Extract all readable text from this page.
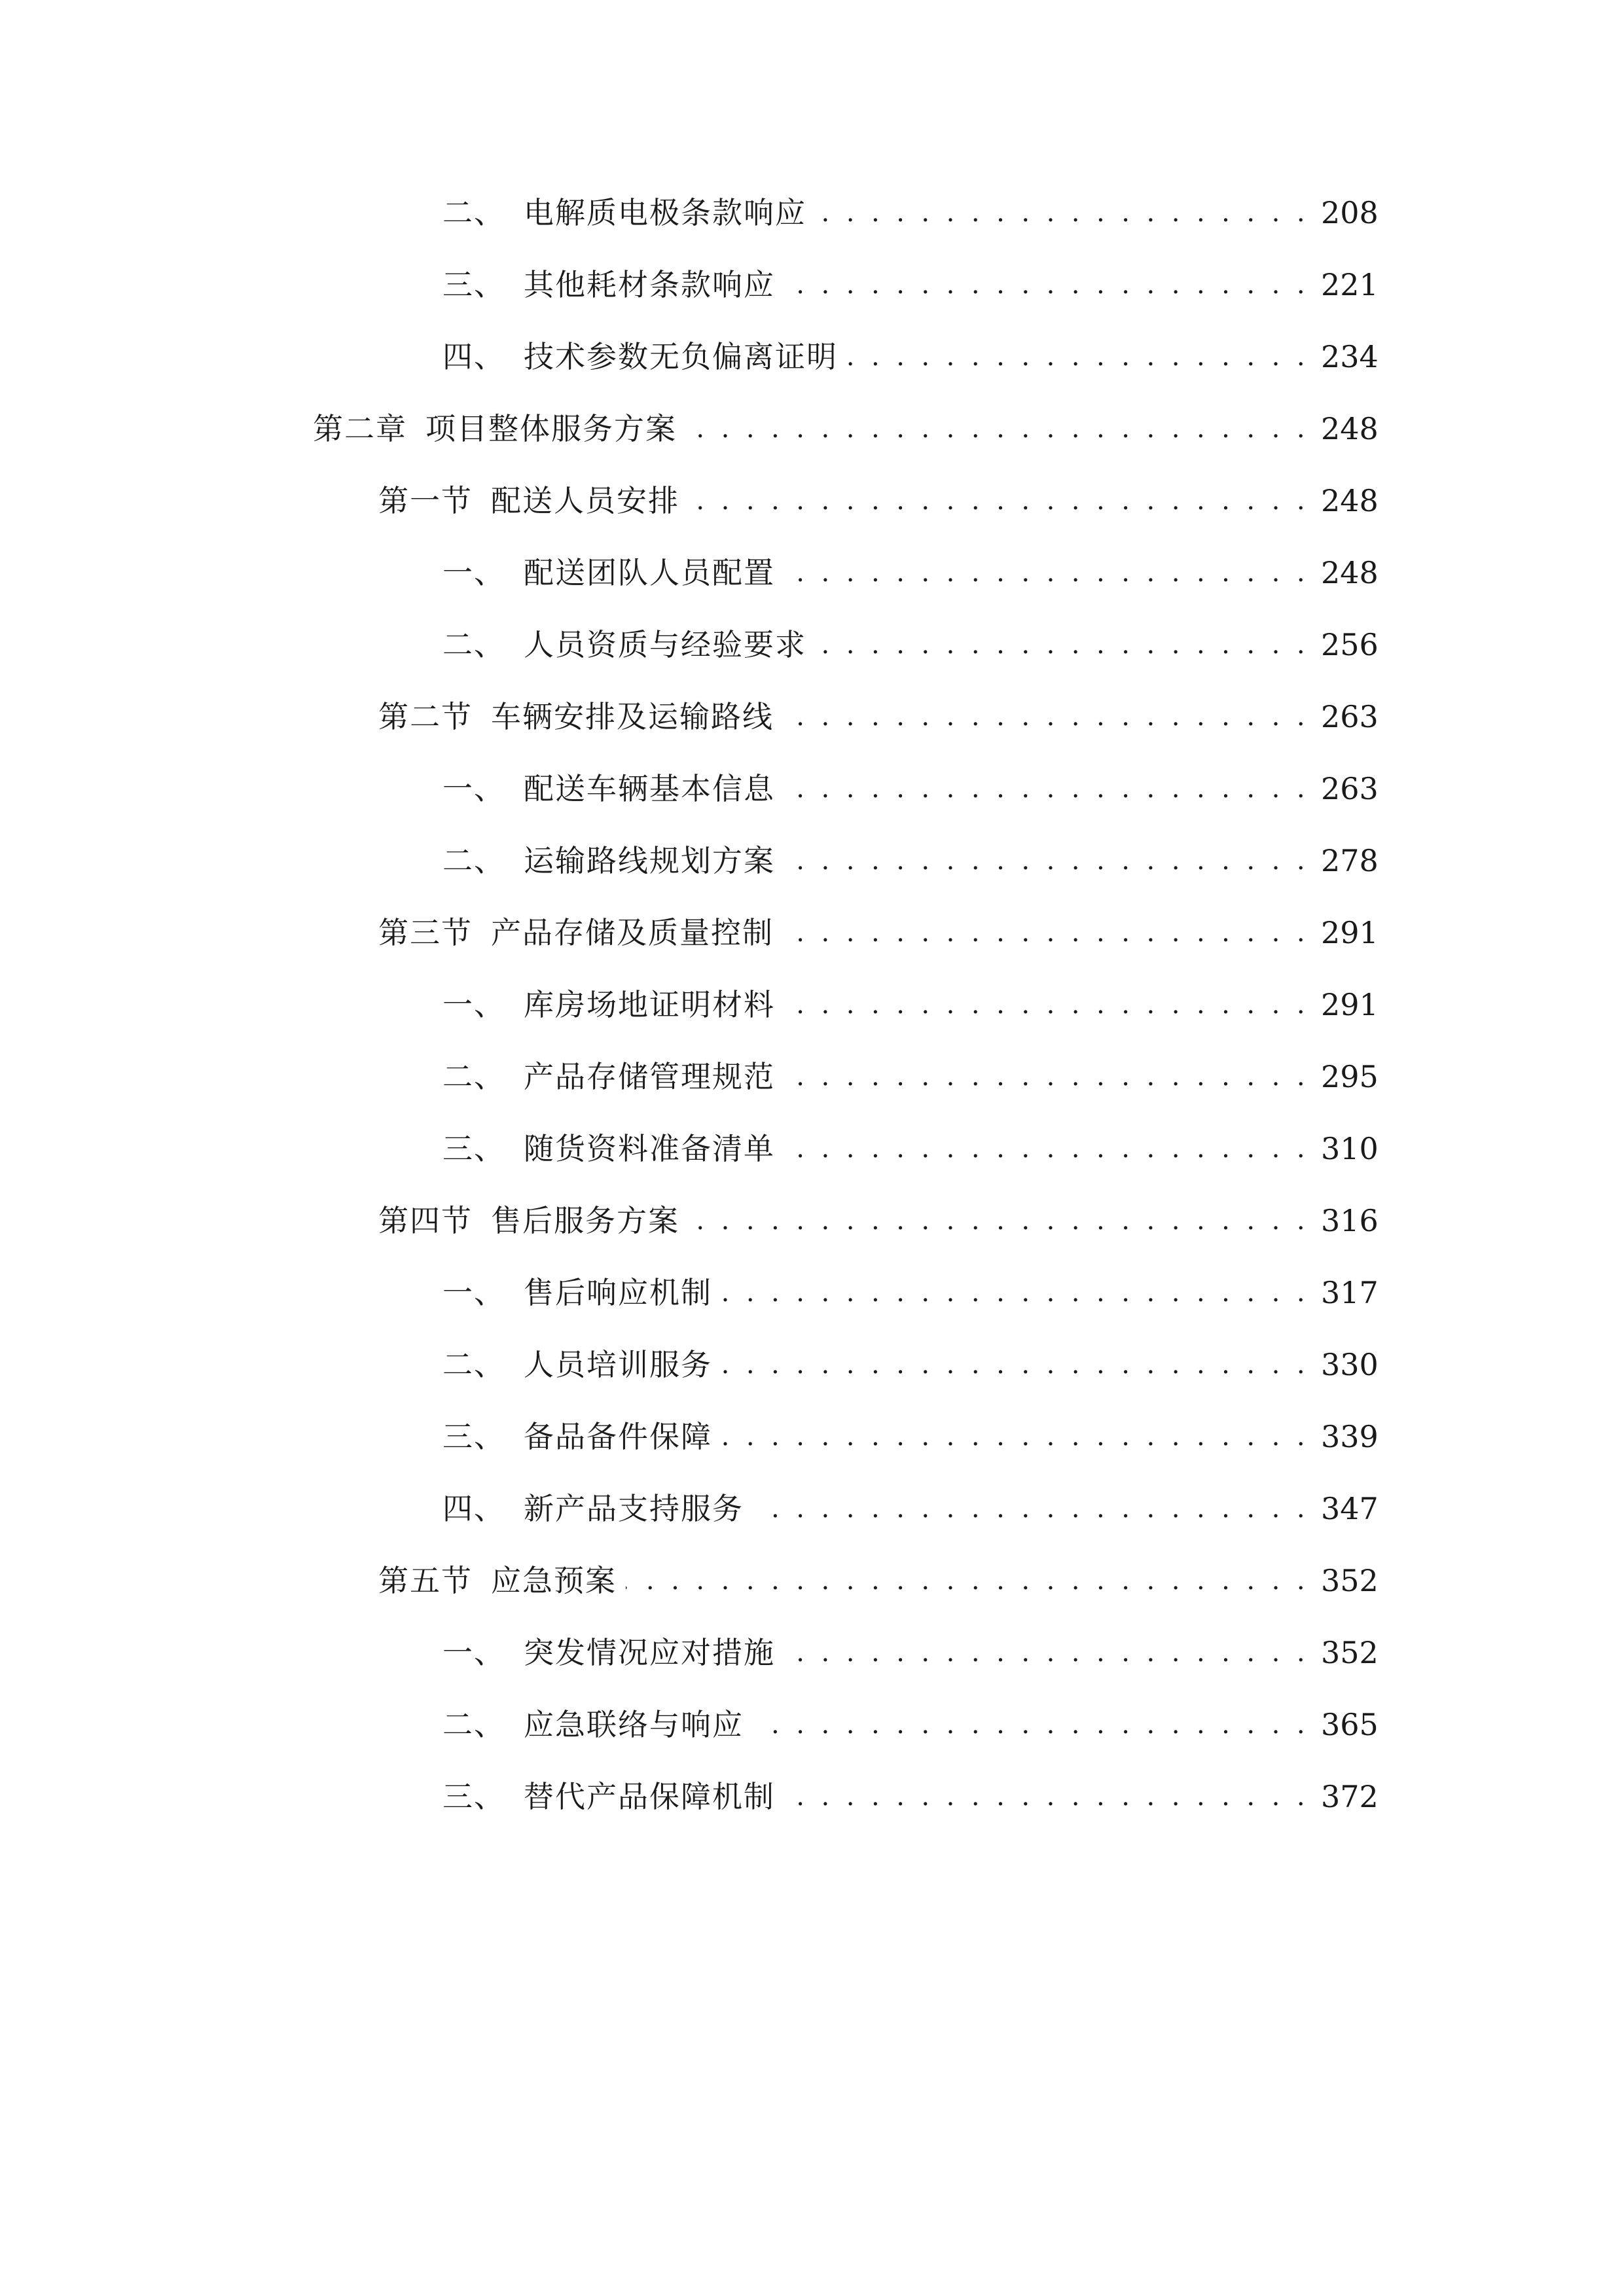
二、 电解质电极条款响应 . . .	208
三、 其他耗材条款响应 . . .	221
四、 技术参数无负偏离证明 . . .	234
第二章 项目整体服务方案 . . .	248
第一节 配送人员安排 . . .	248
一、 配送团队人员配置 . . .	248
二、 人员资质与经验要求 . . .	256
第二节 车辆安排及运输路线 . . .	263
一、 配送车辆基本信息 . . .	263
二、 运输路线规划方案 . . .	278
第三节 产品存储及质量控制 . . .	291
一、 库房场地证明材料 . . .	291
二、 产品存储管理规范 . . .	295
三、 随货资料准备清单 . . .	310
第四节 售后服务方案 . . .	316
一、 售后响应机制 . . .	317
二、 人员培训服务 . . .	330
三、 备品备件保障 . . .	339
四、 新产品支持服务 . . .	347
第五节 应急预案 . . .	352
一、 突发情况应对措施 . . .	352
二、 应急联络与响应 . . .	365
三、 替代产品保障机制 . . .	372
